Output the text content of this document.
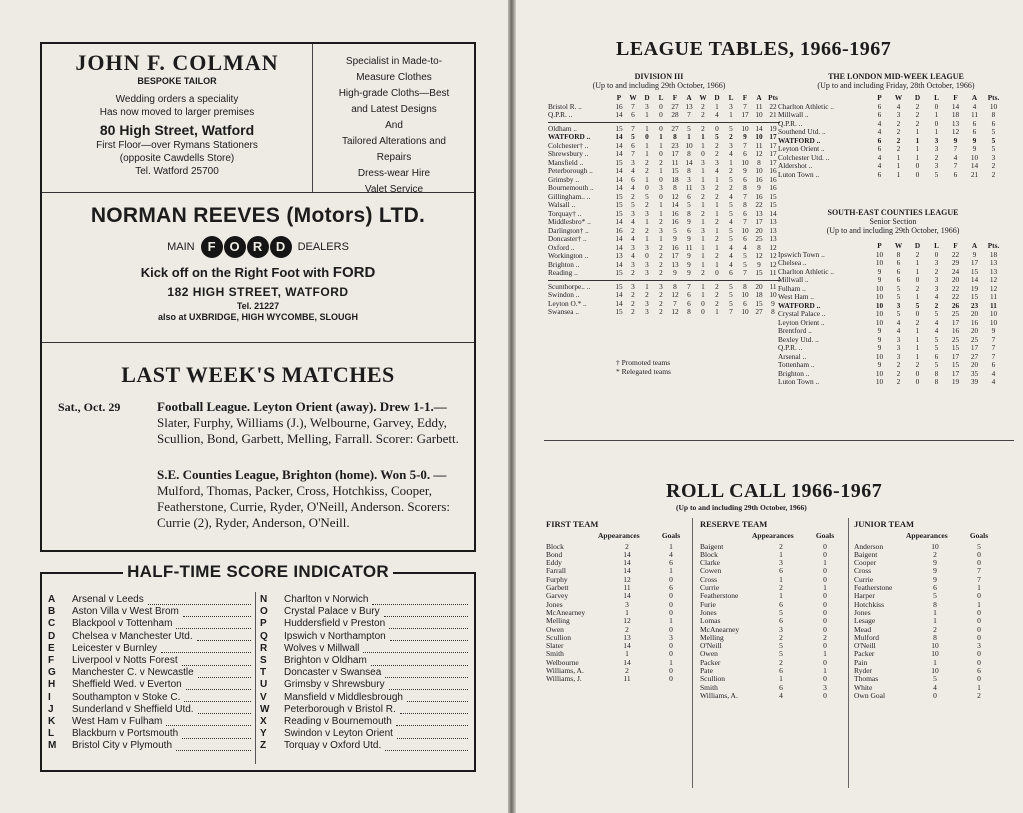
JOHN F. COLMAN
BESPOKE TAILOR
Wedding orders a speciality
Has now moved to larger premises
80 High Street, Watford
First Floor—over Rymans Stationers
(opposite Cawdells Store)
Tel. Watford 25700
Specialist in Made-to-
Measure Clothes
High-grade Cloths—Best
and Latest Designs
And
Tailored Alterations and
Repairs
Dress-wear Hire
Valet Service
NORMAN REEVES (Motors) LTD.
MAIN	F	O	R	D	DEALERS
Kick off on the Right Foot with FORD
182 HIGH STREET, WATFORD
Tel. 21227
also at UXBRIDGE, HIGH WYCOMBE, SLOUGH
LAST WEEK'S MATCHES
Sat., Oct. 29	Football League. Leyton Orient (away). Drew 1-1.— Slater, Furphy, Williams (J.), Welbourne, Garvey, Eddy, Scullion, Bond, Garbett, Melling, Farrall. Scorer: Garbett.
S.E. Counties League, Brighton (home). Won 5-0. — Mulford, Thomas, Packer, Cross, Hotchkiss, Cooper, Featherstone, Currie, Ryder, O'Neill, Anderson. Scorers: Currie (2), Ryder, Anderson, O'Neill.
HALF-TIME SCORE INDICATOR
A	Arsenal v Leeds
B	Aston Villa v West Brom
C	Blackpool v Tottenham
D	Chelsea v Manchester Utd.
E	Leicester v Burnley
F	Liverpool v Notts Forest
G	Manchester C. v Newcastle
H	Sheffield Wed. v Everton
I	Southampton v Stoke C.
J	Sunderland v Sheffield Utd.
K	West Ham v Fulham
L	Blackburn v Portsmouth
M	Bristol City v Plymouth
N	Charlton v Norwich
O	Crystal Palace v Bury
P	Huddersfield v Preston
Q	Ipswich v Northampton
R	Wolves v Millwall
S	Brighton v Oldham
T	Doncaster v Swansea
U	Grimsby v Shrewsbury
V	Mansfield v Middlesbrough
W	Peterborough v Bristol R.
X	Reading v Bournemouth
Y	Swindon v Leyton Orient
Z	Torquay v Oxford Utd.
LEAGUE TABLES, 1966-1967
DIVISION III
(Up to and including 29th October, 1966)
P	W	D	L	F	A	W	D	L	F	A Pts
Bristol R. ..	16	7	3	0	27 13	2	1	3	7	11 22
Q.P.R. ..	14	6	1	0	28	7	2	4	1	17 10 21
Oldham ..	15	7	1	0	27	5	2	0	5	10 14 19
WATFORD ..	14	5	0	1	8	1	1	5	2	9	10 17
Colchester† ..	14	6	1	1	23 10	1	2	3	7	11 17
Shrewsbury ..	14	7	1	0	17	8	0	2	4	6	12 17
Mansfield ..	15	3	2	2	11 14	3	3	1	10	8	17
Peterborough ..	14	4	2	1	15	8	1	4	2	9	10 16
Grimsby ..	14	6	1	0	18	3	1	1	5	6	16 16
Bournemouth ..	14	4	0	3	8	11	3	2	2	8	9	16
Gillingham.. ..	15	2	5	0	12	6	2	2	4	7	16 15
Walsall ..	15	5	2	1	14	5	1	1	5	8	22 15
Torquay† ..	15	3	3	1	16	8	2	1	5	6	13 14
Middlesbro* ..	14	4	1	2	16	9	1	2	4	7	17 13
Darlington† ..	16	2	2	3	5	6	3	1	5	10 20 13
Doncaster† ..	14	4	1	1	9	9	1	2	5	6	25 13
Oxford ..	14	3	3	2	16 11	1	1	4	4	8	12
Workington ..	13	4	0	2	17	9	1	2	4	5	12 12
Brighton ..	14	3	3	2	13	9	1	1	4	5	9	12
Reading ..	15	2	3	2	9	9	2	0	6	7	15 11
Scunthorpe.. ..	15	3	1	3	8	7	1	2	5	8	20 11
Swindon ..	14	2	2	2	12	6	1	2	5	10 18 10
Leyton O.* ..	14	2	3	2	7	6	0	2	5	6	15	9
Swansea ..	15	2	3	2	12	8	0	1	7	10 27	8
† Promoted teams
* Relegated teams
THE LONDON MID-WEEK LEAGUE
(Up to and including Friday, 28th October, 1966)
P	W	D	L	F	A	Pts.
Charlton Athletic ..	6	4	2	0	14	4	10
Millwall ..	6	3	2	1	18	11	8
Q.P.R. ..	4	2	2	0	13	6	6
Southend Utd. ..	4	2	1	1	12	6	5
WATFORD ..	6	2	1	3	9	9	5
Leyton Orient ..	6	2	1	3	7	9	5
Colchester Utd. ..	4	1	1	2	4	10	3
Aldershot ..	4	1	0	3	7	14	2
Luton Town ..	6	1	0	5	6	21	2
SOUTH-EAST COUNTIES LEAGUE
Senior Section
(Up to and including 29th October, 1966)
P	W	D	L	F	A	Pts.
Ipswich Town ..	10	8	2	0	22	9	18
Chelsea ..	10	6	1	3	29	17	13
Charlton Athletic ..	9	6	1	2	24	15	13
Millwall ..	9	6	0	3	20	14	12
Fulham ..	10	5	2	3	22	19	12
West Ham ..	10	5	1	4	22	15	11
WATFORD ..	10	3	5	2	26	23	11
Crystal Palace ..	10	5	0	5	25	20	10
Leyton Orient ..	10	4	2	4	17	16	10
Brentford ..	9	4	1	4	16	20	9
Bexley Utd. ..	9	3	1	5	25	25	7
Q.P.R. ..	9	3	1	5	15	17	7
Arsenal ..	10	3	1	6	17	27	7
Tottenham ..	9	2	2	5	15	20	6
Brighton ..	10	2	0	8	17	35	4
Luton Town ..	10	2	0	8	19	39	4
ROLL CALL 1966-1967
(Up to and including 29th October, 1966)
FIRST TEAM
Appearances	Goals
Block	2	1
Bond	14	4
Eddy	14	6
Farrall	14	1
Furphy	12	0
Garbett	11	6
Garvey	14	0
Jones	3	0
McAnearney	1	0
Melling	12	1
Owen	2	0
Scullion	13	3
Slater	14	0
Smith	1	0
Welbourne	14	1
Williams, A.	2	0
Williams, J.	11	0
RESERVE TEAM
Appearances	Goals
Baigent	2	0
Block	1	0
Clarke	3	1
Cowen	6	0
Cross	1	0
Currie	2	1
Featherstone	1	0
Furie	6	0
Jones	5	0
Lomas	6	0
McAnearney	3	0
Melling	2	2
O'Neill	5	0
Owen	5	1
Packer	2	0
Pate	6	1
Scullion	1	0
Smith	6	3
Williams, A.	4	0
JUNIOR TEAM
Appearances	Goals
Anderson	10	5
Baigent	2	0
Cooper	9	0
Cross	9	7
Currie	9	7
Featherstone	6	1
Harper	5	0
Hotchkiss	8	1
Jones	1	0
Lesage	1	0
Mead	2	0
Mulford	8	0
O'Neill	10	3
Packer	10	0
Pain	1	0
Ryder	10	6
Thomas	5	0
White	4	1
Own Goal	0	2
